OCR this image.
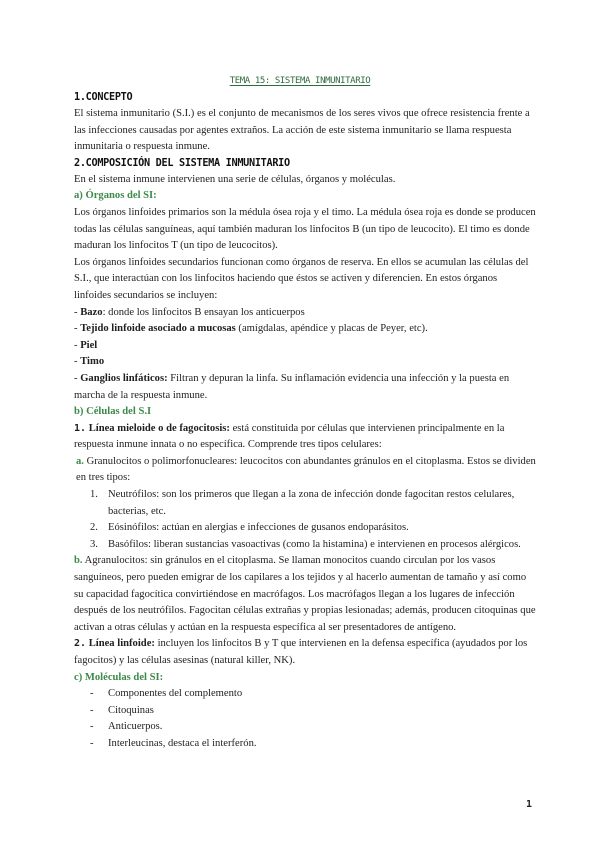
TEMA 15: SISTEMA INMUNITARIO
1.CONCEPTO

El sistema inmunitario (S.I.) es el conjunto de mecanismos de los seres vivos que ofrece resistencia frente a las infecciones causadas por agentes extraños. La acción de este sistema inmunitario se llama respuesta inmunitaria o respuesta inmune.

2.COMPOSICIÓN DEL SISTEMA INMUNITARIO

En el sistema inmune intervienen una serie de células, órganos y moléculas.

a) Órganos del SI:

Los órganos linfoides primarios son la médula ósea roja y el timo. La médula ósea roja es donde se producen todas las células sanguíneas, aquí también maduran los linfocitos B (un tipo de leucocito). El timo es donde maduran los linfocitos T (un tipo de leucocitos).

Los órganos linfoides secundarios funcionan como órganos de reserva. En ellos se acumulan las células del S.I., que interactúan con los linfocitos haciendo que éstos se activen y diferencien. En estos órganos linfoides secundarios se incluyen:

- Bazo: donde los linfocitos B ensayan los anticuerpos

- Tejido linfoide asociado a mucosas (amígdalas, apéndice y placas de Peyer, etc).

- Piel

- Timo

- Ganglios linfáticos: Filtran y depuran la linfa. Su inflamación evidencia una infección y la puesta en marcha de la respuesta inmune.

b) Células del S.I

1. Línea mieloide o de fagocitosis: está constituida por células que intervienen principalmente en la respuesta inmune innata o no específica. Comprende tres tipos celulares:

a. Granulocitos o polimorfonucleares: leucocitos con abundantes gránulos en el citoplasma. Estos se dividen en tres tipos:

1. Neutrófilos: son los primeros que llegan a la zona de infección donde fagocitan restos celulares, bacterias, etc.
2. Eósinófilos: actúan en alergias e infecciones de gusanos endoparásitos.
3. Basófilos: liberan sustancias vasoactivas (como la histamina) e intervienen en procesos alérgicos.

b. Agranulocitos: sin gránulos en el citoplasma. Se llaman monocitos cuando circulan por los vasos sanguíneos, pero pueden emigrar de los capilares a los tejidos y al hacerlo aumentan de tamaño y así como su capacidad fagocítica convirtiéndose en macrófagos. Los macrófagos llegan a los lugares de infección después de los neutrófilos. Fagocitan células extrañas y propias lesionadas; además, producen citoquinas que activan a otras células y actúan en la respuesta específica al ser presentadores de antígeno.

2. Línea linfoide: incluyen los linfocitos B y T que intervienen en la defensa específica (ayudados por los fagocitos) y las células asesinas (natural killer, NK).

c) Moléculas del SI:

- Componentes del complemento
- Citoquinas
- Anticuerpos.
- Interleucinas, destaca el interferón.
1
